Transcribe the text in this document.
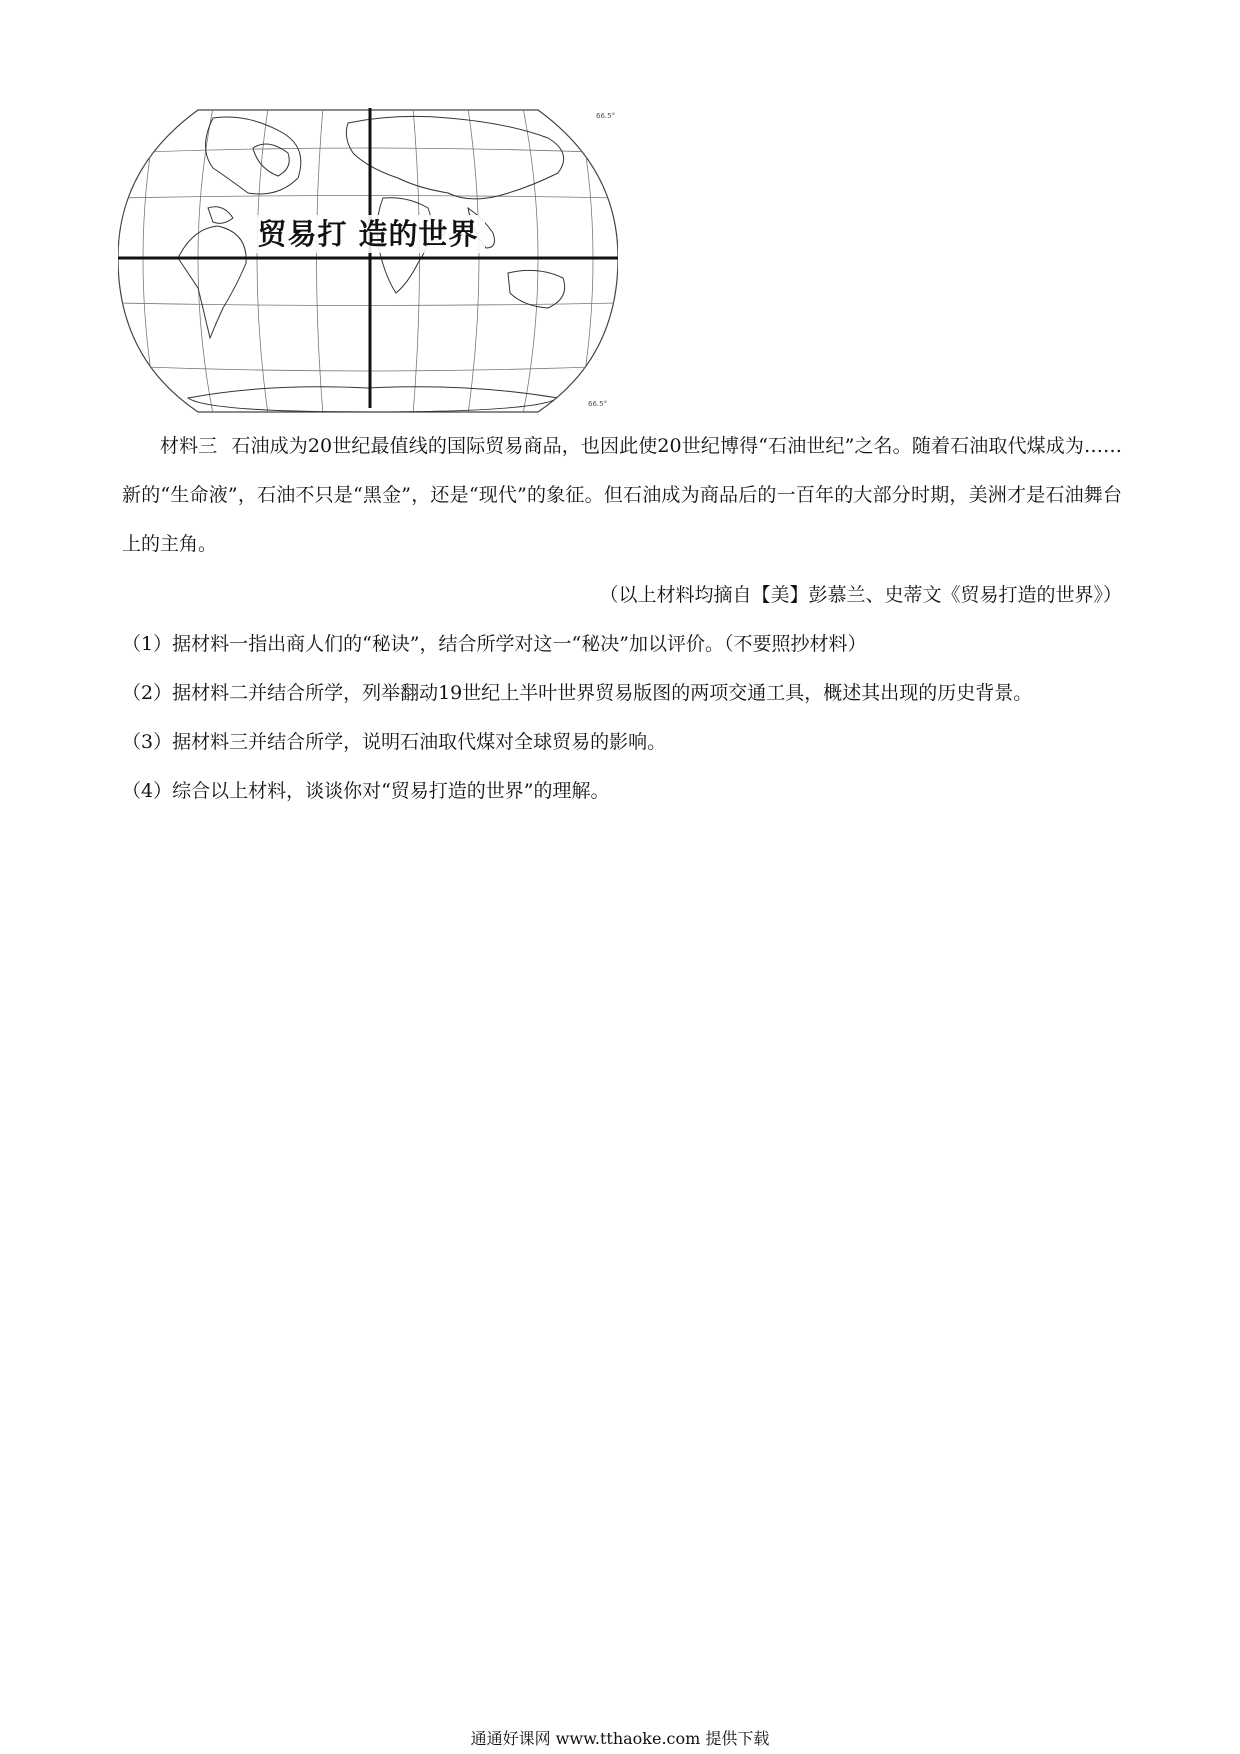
66.5°
66.5°
贸易打 造的世界

材料三 石油成为20世纪最值线的国际贸易商品，也因此使20世纪博得“石油世纪”之名。随着石油取代煤成为……新的“生命液”，石油不只是“黑金”，还是“现代”的象征。但石油成为商品后的一百年的大部分时期，美洲才是石油舞台上的主角。

（以上材料均摘自【美】彭慕兰、史蒂文《贸易打造的世界》）

（1）据材料一指出商人们的“秘诀”，结合所学对这一“秘决”加以评价。（不要照抄材料）
（2）据材料二并结合所学，列举翻动19世纪上半叶世界贸易版图的两项交通工具，概述其出现的历史背景。
（3）据材料三并结合所学，说明石油取代煤对全球贸易的影响。
（4）综合以上材料，谈谈你对“贸易打造的世界”的理解。
通通好课网 www.tthaoke.com 提供下载
